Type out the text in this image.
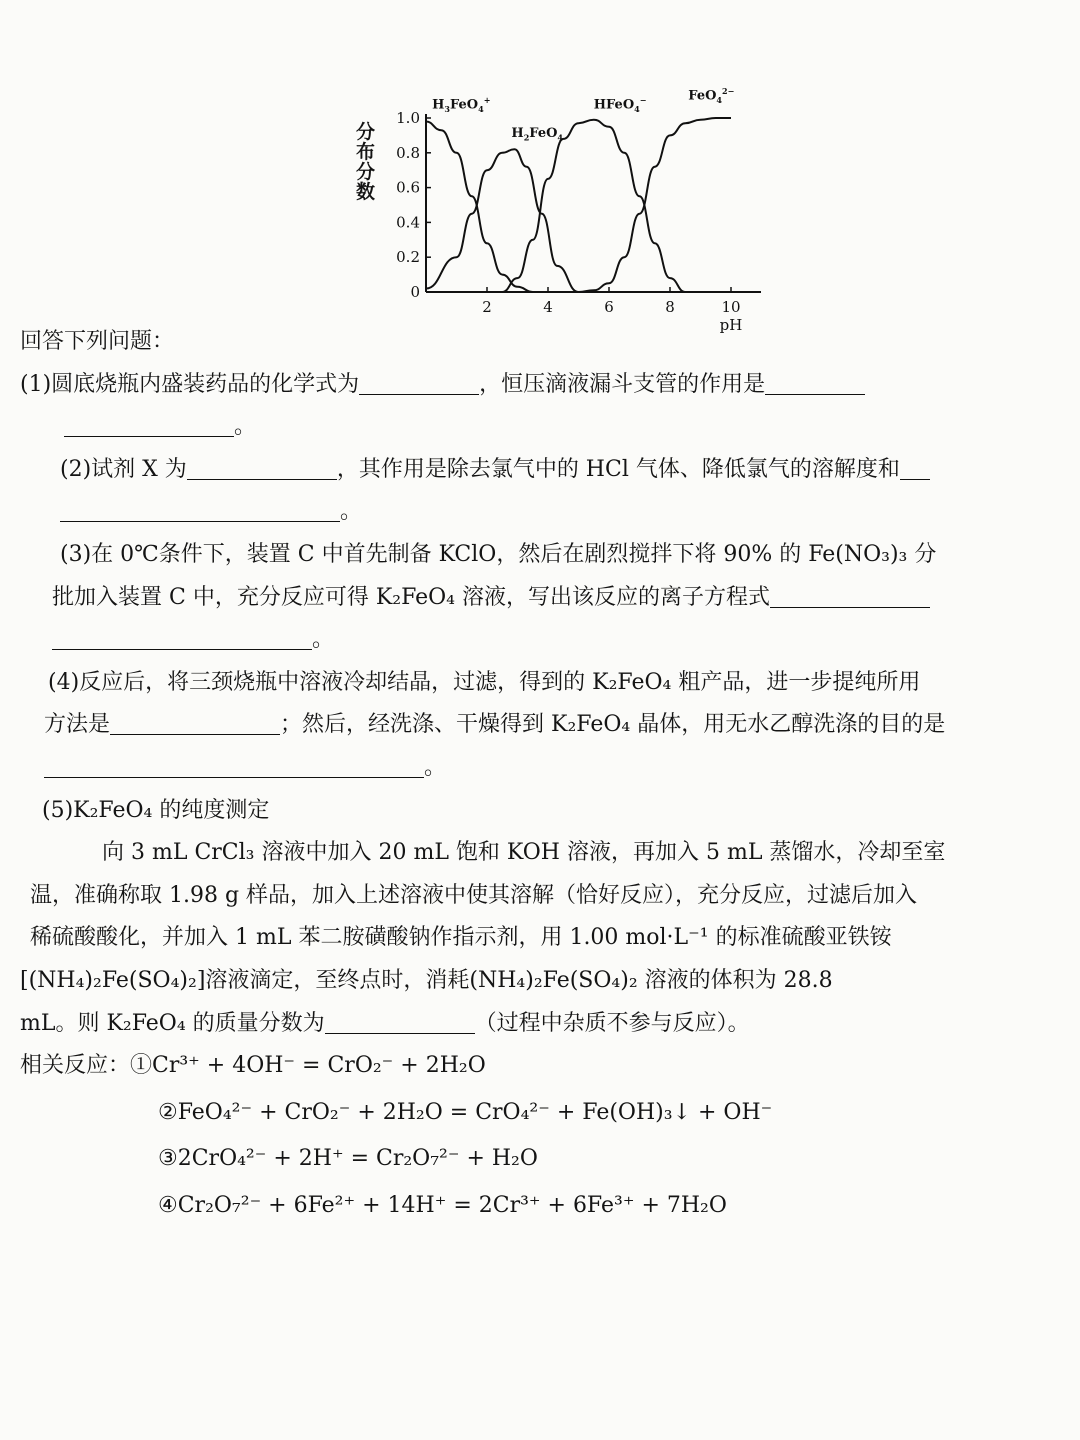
分布分数
0
0.2
0.4
0.6
0.8
1.0
2	4	6	8	10
pH
$H_3FeO_4^+$
$H_2FeO_4$
HFeO$_4$−	FeO$_4^{2-}$

回答下列问题：

(1)圆底烧瓶内盛装药品的化学式为	，恒压滴液漏斗支管的作用是

。

(2)试剂 X 为	，其作用是除去氯气中的 HCl 气体、降低氯气的溶解度和

。

(3)在 0℃条件下，装置 C 中首先制备 KClO，然后在剧烈搅拌下将 90% 的 Fe(NO₃)₃ 分

批加入装置 C 中，充分反应可得 K₂FeO₄ 溶液，写出该反应的离子方程式

。

(4)反应后，将三颈烧瓶中溶液冷却结晶，过滤，得到的 K₂FeO₄ 粗产品，进一步提纯所用

方法是	；然后，经洗涤、干燥得到 K₂FeO₄ 晶体，用无水乙醇洗涤的目的是

。

(5)K₂FeO₄ 的纯度测定

向 3 mL CrCl₃ 溶液中加入 20 mL 饱和 KOH 溶液，再加入 5 mL 蒸馏水，冷却至室

温，准确称取 1.98 g 样品，加入上述溶液中使其溶解（恰好反应），充分反应，过滤后加入

稀硫酸酸化，并加入 1 mL 苯二胺磺酸钠作指示剂，用 1.00 mol·L⁻¹ 的标准硫酸亚铁铵

[(NH₄)₂Fe(SO₄)₂]溶液滴定，至终点时，消耗(NH₄)₂Fe(SO₄)₂ 溶液的体积为 28.8

mL。则 K₂FeO₄ 的质量分数为	（过程中杂质不参与反应）。

相关反应：①Cr³⁺ + 4OH⁻ = CrO₂⁻ + 2H₂O

②FeO₄²⁻ + CrO₂⁻ + 2H₂O = CrO₄²⁻ + Fe(OH)₃↓ + OH⁻

③2CrO₄²⁻ + 2H⁺ = Cr₂O₇²⁻ + H₂O

④Cr₂O₇²⁻ + 6Fe²⁺ + 14H⁺ = 2Cr³⁺ + 6Fe³⁺ + 7H₂O
